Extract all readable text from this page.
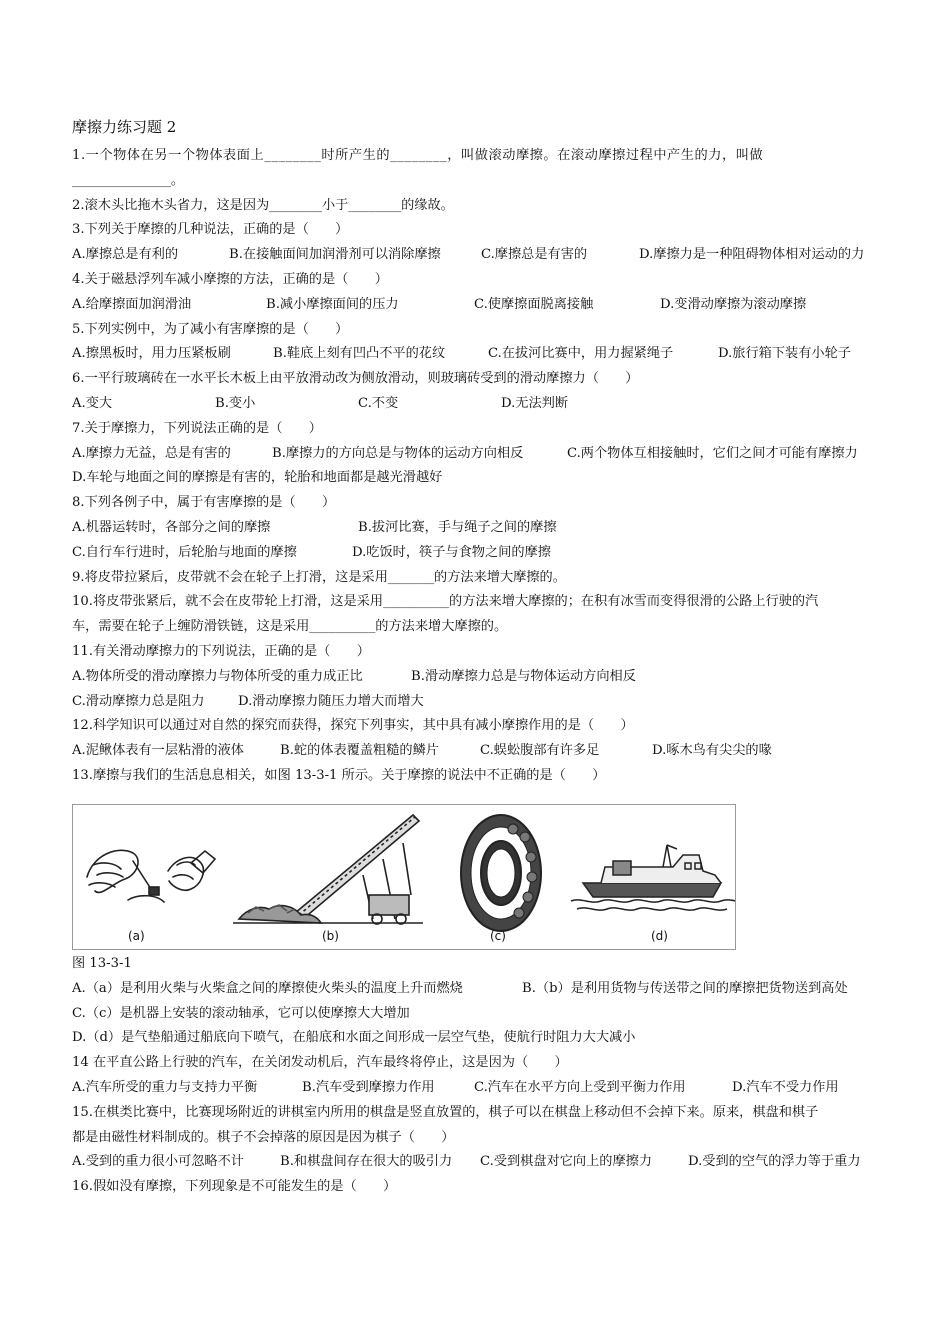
摩擦力练习题 2
1.一个物体在另一个物体表面上________时所产生的________，叫做滚动摩擦。在滚动摩擦过程中产生的力，叫做
_______________。
2.滚木头比拖木头省力，这是因为________小于________的缘故。
3.下列关于摩擦的几种说法，正确的是（　　）
A.摩擦总是有利的	B.在接触面间加润滑剂可以消除摩擦	C.摩擦总是有害的	D.摩擦力是一种阻碍物体相对运动的力
4.关于磁悬浮列车减小摩擦的方法，正确的是（　　）
A.给摩擦面加润滑油	B.减小摩擦面间的压力	C.使摩擦面脱离接触	D.变滑动摩擦为滚动摩擦
5.下列实例中，为了减小有害摩擦的是（　　）
A.擦黑板时，用力压紧板刷	B.鞋底上刻有凹凸不平的花纹	C.在拔河比赛中，用力握紧绳子	D.旅行箱下装有小轮子
6.一平行玻璃砖在一水平长木板上由平放滑动改为侧放滑动，则玻璃砖受到的滑动摩擦力（　　）
A.变大	B.变小	C.不变	D.无法判断
7.关于摩擦力，下列说法正确的是（　　）
A.摩擦力无益，总是有害的	B.摩擦力的方向总是与物体的运动方向相反	C.两个物体互相接触时，它们之间才可能有摩擦力
D.车轮与地面之间的摩擦是有害的，轮胎和地面都是越光滑越好
8.下列各例子中，属于有害摩擦的是（　　）
A.机器运转时，各部分之间的摩擦	B.拔河比赛，手与绳子之间的摩擦
C.自行车行进时，后轮胎与地面的摩擦	D.吃饭时，筷子与食物之间的摩擦
9.将皮带拉紧后，皮带就不会在轮子上打滑，这是采用_______的方法来增大摩擦的。
10.将皮带张紧后，就不会在皮带轮上打滑，这是采用__________的方法来增大摩擦的；在积有冰雪而变得很滑的公路上行驶的汽
车，需要在轮子上缠防滑铁链，这是采用__________的方法来增大摩擦的。
11.有关滑动摩擦力的下列说法，正确的是（　　）
A.物体所受的滑动摩擦力与物体所受的重力成正比	B.滑动摩擦力总是与物体运动方向相反
C.滑动摩擦力总是阻力	D.滑动摩擦力随压力增大而增大
12.科学知识可以通过对自然的探究而获得，探究下列事实，其中具有减小摩擦作用的是（　　）
A.泥鳅体表有一层粘滑的液体	B.蛇的体表覆盖粗糙的鳞片	C.蜈蚣腹部有许多足	D.啄木鸟有尖尖的喙
13.摩擦与我们的生活息息相关，如图 13-3-1 所示。关于摩擦的说法中不正确的是（　　）
(a)	(b)	(c)	(d)
图 13-3-1
A.（a）是利用火柴与火柴盒之间的摩擦使火柴头的温度上升而燃烧	B.（b）是利用货物与传送带之间的摩擦把货物送到高处
C.（c）是机器上安装的滚动轴承，它可以使摩擦大大增加
D.（d）是气垫船通过船底向下喷气，在船底和水面之间形成一层空气垫，使航行时阻力大大减小
14 在平直公路上行驶的汽车，在关闭发动机后，汽车最终将停止，这是因为（　　）
A.汽车所受的重力与支持力平衡	B.汽车受到摩擦力作用	C.汽车在水平方向上受到平衡力作用	D.汽车不受力作用
15.在棋类比赛中，比赛现场附近的讲棋室内所用的棋盘是竖直放置的，棋子可以在棋盘上移动但不会掉下来。原来，棋盘和棋子
都是由磁性材料制成的。棋子不会掉落的原因是因为棋子（　　）
A.受到的重力很小可忽略不计	B.和棋盘间存在很大的吸引力	C.受到棋盘对它向上的摩擦力	D.受到的空气的浮力等于重力
16.假如没有摩擦，下列现象是不可能发生的是（　　）
